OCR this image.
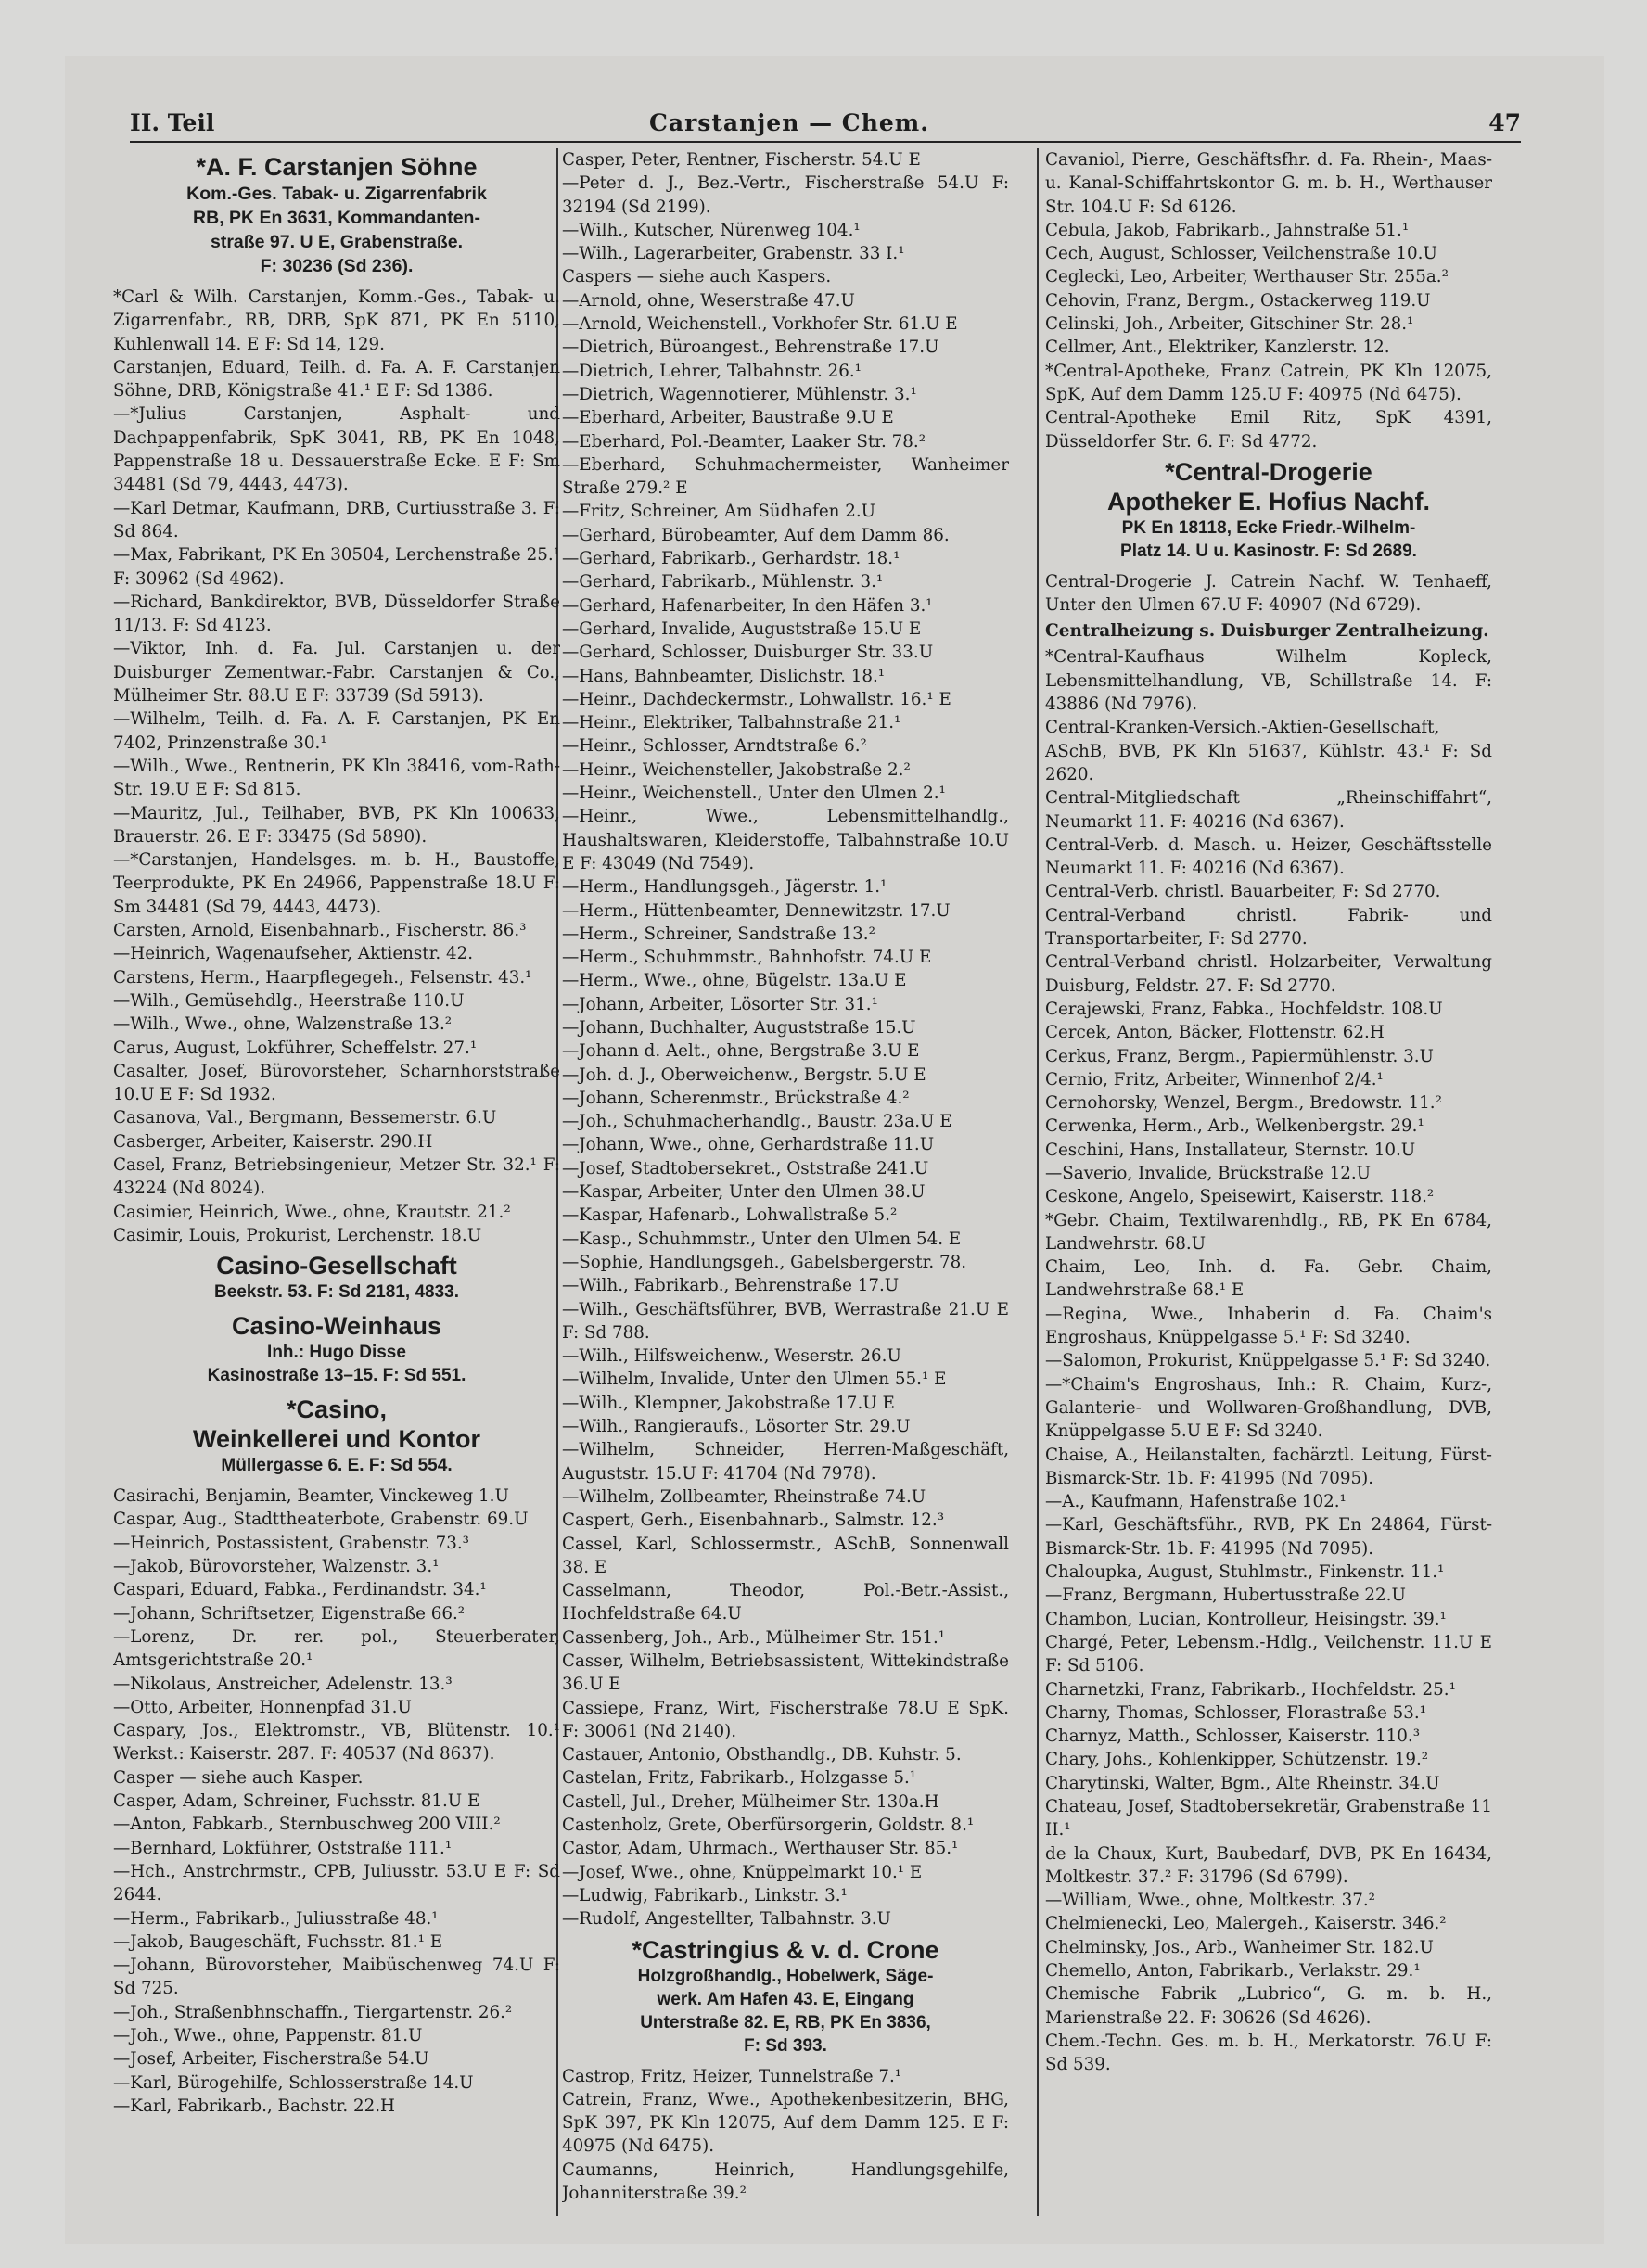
II. Teil	Carstanjen — Chem.	47
*A. F. Carstanjen Söhne
Kom.-Ges. Tabak- u. Zigarrenfabrik
RB, PK En 3631, Kommandanten-
straße 97. U E, Grabenstraße.
F: 30236 (Sd 236).

*Carl & Wilh. Carstanjen, Komm.-Ges., Tabak- u. Zigarrenfabr., RB, DRB, SpK 871, PK En 5110, Kuhlenwall 14. E F: Sd 14, 129.

Carstanjen, Eduard, Teilh. d. Fa. A. F. Carstanjen Söhne, DRB, Königstraße 41.¹ E F: Sd 1386.

—*Julius Carstanjen, Asphalt- und Dachpappenfabrik, SpK 3041, RB, PK En 1048, Pappenstraße 18 u. Dessauerstraße Ecke. E F: Sm 34481 (Sd 79, 4443, 4473).

—Karl Detmar, Kaufmann, DRB, Curtiusstraße 3. F: Sd 864.

—Max, Fabrikant, PK En 30504, Lerchenstraße 25.¹ F: 30962 (Sd 4962).

—Richard, Bankdirektor, BVB, Düsseldorfer Straße 11/13. F: Sd 4123.

—Viktor, Inh. d. Fa. Jul. Carstanjen u. der Duisburger Zementwar.-Fabr. Carstanjen & Co., Mülheimer Str. 88.U E F: 33739 (Sd 5913).

—Wilhelm, Teilh. d. Fa. A. F. Carstanjen, PK En 7402, Prinzenstraße 30.¹

—Wilh., Wwe., Rentnerin, PK Kln 38416, vom-Rath-Str. 19.U E F: Sd 815.

—Mauritz, Jul., Teilhaber, BVB, PK Kln 100633, Brauerstr. 26. E F: 33475 (Sd 5890).

—*Carstanjen, Handelsges. m. b. H., Baustoffe, Teerprodukte, PK En 24966, Pappenstraße 18.U F: Sm 34481 (Sd 79, 4443, 4473).

Carsten, Arnold, Eisenbahnarb., Fischerstr. 86.³

—Heinrich, Wagenaufseher, Aktienstr. 42.

Carstens, Herm., Haarpflegegeh., Felsenstr. 43.¹

—Wilh., Gemüsehdlg., Heerstraße 110.U

—Wilh., Wwe., ohne, Walzenstraße 13.²

Carus, August, Lokführer, Scheffelstr. 27.¹

Casalter, Josef, Bürovorsteher, Scharnhorststraße 10.U E F: Sd 1932.

Casanova, Val., Bergmann, Bessemerstr. 6.U

Casberger, Arbeiter, Kaiserstr. 290.H

Casel, Franz, Betriebsingenieur, Metzer Str. 32.¹ F: 43224 (Nd 8024).

Casimier, Heinrich, Wwe., ohne, Krautstr. 21.²

Casimir, Louis, Prokurist, Lerchenstr. 18.U

Casino-Gesellschaft
Beekstr. 53. F: Sd 2181, 4833.
Casino-Weinhaus
Inh.: Hugo Disse
Kasinostraße 13–15. F: Sd 551.
*Casino,
Weinkellerei und Kontor
Müllergasse 6. E. F: Sd 554.

Casirachi, Benjamin, Beamter, Vinckeweg 1.U

Caspar, Aug., Stadttheaterbote, Grabenstr. 69.U

—Heinrich, Postassistent, Grabenstr. 73.³

—Jakob, Bürovorsteher, Walzenstr. 3.¹

Caspari, Eduard, Fabka., Ferdinandstr. 34.¹

—Johann, Schriftsetzer, Eigenstraße 66.²

—Lorenz, Dr. rer. pol., Steuerberater, Amtsgerichtstraße 20.¹

—Nikolaus, Anstreicher, Adelenstr. 13.³

—Otto, Arbeiter, Honnenpfad 31.U

Caspary, Jos., Elektromstr., VB, Blütenstr. 10.¹ Werkst.: Kaiserstr. 287. F: 40537 (Nd 8637).

Casper — siehe auch Kasper.

Casper, Adam, Schreiner, Fuchsstr. 81.U E

—Anton, Fabkarb., Sternbuschweg 200 VIII.²

—Bernhard, Lokführer, Oststraße 111.¹

—Hch., Anstrchrmstr., CPB, Juliusstr. 53.U E F: Sd 2644.

—Herm., Fabrikarb., Juliusstraße 48.¹

—Jakob, Baugeschäft, Fuchsstr. 81.¹ E

—Johann, Bürovorsteher, Maibüschenweg 74.U F: Sd 725.

—Joh., Straßenbhnschaffn., Tiergartenstr. 26.²

—Joh., Wwe., ohne, Pappenstr. 81.U

—Josef, Arbeiter, Fischerstraße 54.U

—Karl, Bürogehilfe, Schlosserstraße 14.U

—Karl, Fabrikarb., Bachstr. 22.H

Casper, Peter, Rentner, Fischerstr. 54.U E

—Peter d. J., Bez.-Vertr., Fischerstraße 54.U F: 32194 (Sd 2199).

—Wilh., Kutscher, Nürenweg 104.¹

—Wilh., Lagerarbeiter, Grabenstr. 33 I.¹

Caspers — siehe auch Kaspers.

—Arnold, ohne, Weserstraße 47.U

—Arnold, Weichenstell., Vorkhofer Str. 61.U E

—Dietrich, Büroangest., Behrenstraße 17.U

—Dietrich, Lehrer, Talbahnstr. 26.¹

—Dietrich, Wagennotierer, Mühlenstr. 3.¹

—Eberhard, Arbeiter, Baustraße 9.U E

—Eberhard, Pol.-Beamter, Laaker Str. 78.²

—Eberhard, Schuhmachermeister, Wanheimer Straße 279.² E

—Fritz, Schreiner, Am Südhafen 2.U

—Gerhard, Bürobeamter, Auf dem Damm 86.

—Gerhard, Fabrikarb., Gerhardstr. 18.¹

—Gerhard, Fabrikarb., Mühlenstr. 3.¹

—Gerhard, Hafenarbeiter, In den Häfen 3.¹

—Gerhard, Invalide, Auguststraße 15.U E

—Gerhard, Schlosser, Duisburger Str. 33.U

—Hans, Bahnbeamter, Dislichstr. 18.¹

—Heinr., Dachdeckermstr., Lohwallstr. 16.¹ E

—Heinr., Elektriker, Talbahnstraße 21.¹

—Heinr., Schlosser, Arndtstraße 6.²

—Heinr., Weichensteller, Jakobstraße 2.²

—Heinr., Weichenstell., Unter den Ulmen 2.¹

—Heinr., Wwe., Lebensmittelhandlg., Haushaltswaren, Kleiderstoffe, Talbahnstraße 10.U E F: 43049 (Nd 7549).

—Herm., Handlungsgeh., Jägerstr. 1.¹

—Herm., Hüttenbeamter, Dennewitzstr. 17.U

—Herm., Schreiner, Sandstraße 13.²

—Herm., Schuhmmstr., Bahnhofstr. 74.U E

—Herm., Wwe., ohne, Bügelstr. 13a.U E

—Johann, Arbeiter, Lösorter Str. 31.¹

—Johann, Buchhalter, Auguststraße 15.U

—Johann d. Aelt., ohne, Bergstraße 3.U E

—Joh. d. J., Oberweichenw., Bergstr. 5.U E

—Johann, Scherenmstr., Brückstraße 4.²

—Joh., Schuhmacherhandlg., Baustr. 23a.U E

—Johann, Wwe., ohne, Gerhardstraße 11.U

—Josef, Stadtobersekret., Oststraße 241.U

—Kaspar, Arbeiter, Unter den Ulmen 38.U

—Kaspar, Hafenarb., Lohwallstraße 5.²

—Kasp., Schuhmmstr., Unter den Ulmen 54. E

—Sophie, Handlungsgeh., Gabelsbergerstr. 78.

—Wilh., Fabrikarb., Behrenstraße 17.U

—Wilh., Geschäftsführer, BVB, Werrastraße 21.U E F: Sd 788.

—Wilh., Hilfsweichenw., Weserstr. 26.U

—Wilhelm, Invalide, Unter den Ulmen 55.¹ E

—Wilh., Klempner, Jakobstraße 17.U E

—Wilh., Rangieraufs., Lösorter Str. 29.U

—Wilhelm, Schneider, Herren-Maßgeschäft, Auguststr. 15.U F: 41704 (Nd 7978).

—Wilhelm, Zollbeamter, Rheinstraße 74.U

Caspert, Gerh., Eisenbahnarb., Salmstr. 12.³

Cassel, Karl, Schlossermstr., ASchB, Sonnenwall 38. E

Casselmann, Theodor, Pol.-Betr.-Assist., Hochfeldstraße 64.U

Cassenberg, Joh., Arb., Mülheimer Str. 151.¹

Casser, Wilhelm, Betriebsassistent, Wittekindstraße 36.U E

Cassiepe, Franz, Wirt, Fischerstraße 78.U E SpK. F: 30061 (Nd 2140).

Castauer, Antonio, Obsthandlg., DB. Kuhstr. 5.

Castelan, Fritz, Fabrikarb., Holzgasse 5.¹

Castell, Jul., Dreher, Mülheimer Str. 130a.H

Castenholz, Grete, Oberfürsorgerin, Goldstr. 8.¹

Castor, Adam, Uhrmach., Werthauser Str. 85.¹

—Josef, Wwe., ohne, Knüppelmarkt 10.¹ E

—Ludwig, Fabrikarb., Linkstr. 3.¹

—Rudolf, Angestellter, Talbahnstr. 3.U

*Castringius & v. d. Crone
Holzgroßhandlg., Hobelwerk, Säge-
werk. Am Hafen 43. E, Eingang
Unterstraße 82. E, RB, PK En 3836,
F: Sd 393.

Castrop, Fritz, Heizer, Tunnelstraße 7.¹

Catrein, Franz, Wwe., Apothekenbesitzerin, BHG, SpK 397, PK Kln 12075, Auf dem Damm 125. E F: 40975 (Nd 6475).

Caumanns, Heinrich, Handlungsgehilfe, Johanniterstraße 39.²

Cavaniol, Pierre, Geschäftsfhr. d. Fa. Rhein-, Maas- u. Kanal-Schiffahrtskontor G. m. b. H., Werthauser Str. 104.U F: Sd 6126.

Cebula, Jakob, Fabrikarb., Jahnstraße 51.¹

Cech, August, Schlosser, Veilchenstraße 10.U

Ceglecki, Leo, Arbeiter, Werthauser Str. 255a.²

Cehovin, Franz, Bergm., Ostackerweg 119.U

Celinski, Joh., Arbeiter, Gitschiner Str. 28.¹

Cellmer, Ant., Elektriker, Kanzlerstr. 12.

*Central-Apotheke, Franz Catrein, PK Kln 12075, SpK, Auf dem Damm 125.U F: 40975 (Nd 6475).

Central-Apotheke Emil Ritz, SpK 4391, Düsseldorfer Str. 6. F: Sd 4772.

*Central-Drogerie
Apotheker E. Hofius Nachf.
PK En 18118, Ecke Friedr.-Wilhelm-
Platz 14. U u. Kasinostr. F: Sd 2689.

Central-Drogerie J. Catrein Nachf. W. Tenhaeff, Unter den Ulmen 67.U F: 40907 (Nd 6729).

Centralheizung s. Duisburger Zentralheizung.

*Central-Kaufhaus Wilhelm Kopleck, Lebensmittelhandlung, VB, Schillstraße 14. F: 43886 (Nd 7976).

Central-Kranken-Versich.-Aktien-Gesellschaft, ASchB, BVB, PK Kln 51637, Kühlstr. 43.¹ F: Sd 2620.

Central-Mitgliedschaft „Rheinschiffahrt“, Neumarkt 11. F: 40216 (Nd 6367).

Central-Verb. d. Masch. u. Heizer, Geschäftsstelle Neumarkt 11. F: 40216 (Nd 6367).

Central-Verb. christl. Bauarbeiter, F: Sd 2770.

Central-Verband christl. Fabrik- und Transportarbeiter, F: Sd 2770.

Central-Verband christl. Holzarbeiter, Verwaltung Duisburg, Feldstr. 27. F: Sd 2770.

Cerajewski, Franz, Fabka., Hochfeldstr. 108.U

Cercek, Anton, Bäcker, Flottenstr. 62.H

Cerkus, Franz, Bergm., Papiermühlenstr. 3.U

Cernio, Fritz, Arbeiter, Winnenhof 2/4.¹

Cernohorsky, Wenzel, Bergm., Bredowstr. 11.²

Cerwenka, Herm., Arb., Welkenbergstr. 29.¹

Ceschini, Hans, Installateur, Sternstr. 10.U

—Saverio, Invalide, Brückstraße 12.U

Ceskone, Angelo, Speisewirt, Kaiserstr. 118.²

*Gebr. Chaim, Textilwarenhdlg., RB, PK En 6784, Landwehrstr. 68.U

Chaim, Leo, Inh. d. Fa. Gebr. Chaim, Landwehrstraße 68.¹ E

—Regina, Wwe., Inhaberin d. Fa. Chaim's Engroshaus, Knüppelgasse 5.¹ F: Sd 3240.

—Salomon, Prokurist, Knüppelgasse 5.¹ F: Sd 3240.

—*Chaim's Engroshaus, Inh.: R. Chaim, Kurz-, Galanterie- und Wollwaren-Großhandlung, DVB, Knüppelgasse 5.U E F: Sd 3240.

Chaise, A., Heilanstalten, fachärztl. Leitung, Fürst-Bismarck-Str. 1b. F: 41995 (Nd 7095).

—A., Kaufmann, Hafenstraße 102.¹

—Karl, Geschäftsführ., RVB, PK En 24864, Fürst-Bismarck-Str. 1b. F: 41995 (Nd 7095).

Chaloupka, August, Stuhlmstr., Finkenstr. 11.¹

—Franz, Bergmann, Hubertusstraße 22.U

Chambon, Lucian, Kontrolleur, Heisingstr. 39.¹

Chargé, Peter, Lebensm.-Hdlg., Veilchenstr. 11.U E F: Sd 5106.

Charnetzki, Franz, Fabrikarb., Hochfeldstr. 25.¹

Charny, Thomas, Schlosser, Florastraße 53.¹

Charnyz, Matth., Schlosser, Kaiserstr. 110.³

Chary, Johs., Kohlenkipper, Schützenstr. 19.²

Charytinski, Walter, Bgm., Alte Rheinstr. 34.U

Chateau, Josef, Stadtobersekretär, Grabenstraße 11 II.¹

de la Chaux, Kurt, Baubedarf, DVB, PK En 16434, Moltkestr. 37.² F: 31796 (Sd 6799).

—William, Wwe., ohne, Moltkestr. 37.²

Chelmienecki, Leo, Malergeh., Kaiserstr. 346.²

Chelminsky, Jos., Arb., Wanheimer Str. 182.U

Chemello, Anton, Fabrikarb., Verlakstr. 29.¹

Chemische Fabrik „Lubrico“, G. m. b. H., Marienstraße 22. F: 30626 (Sd 4626).

Chem.-Techn. Ges. m. b. H., Merkatorstr. 76.U F: Sd 539.
